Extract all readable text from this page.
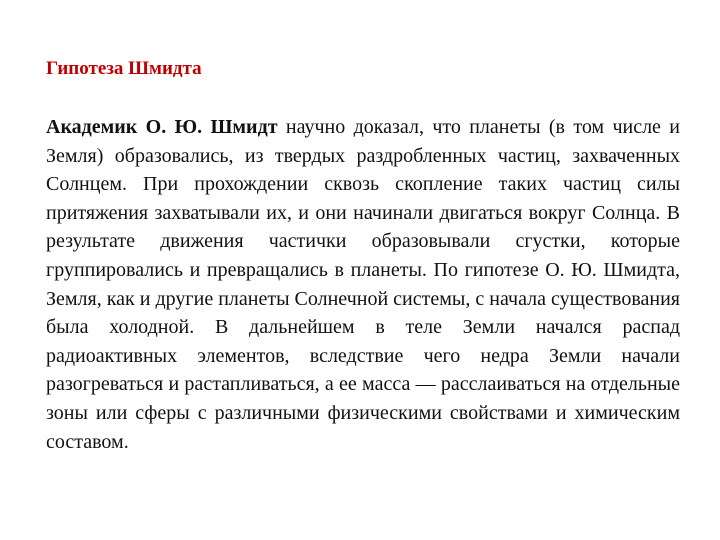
Гипотеза Шмидта

Академик О. Ю. Шмидт научно доказал, что планеты (в том числе и Земля) образовались, из твердых раздробленных частиц, захваченных Солнцем. При прохождении сквозь скопление таких частиц силы притяжения захватывали их, и они начинали двигаться вокруг Солнца. В результате движения частички образовывали сгустки, которые группировались и превращались в планеты. По гипотезе О. Ю. Шмидта, Земля, как и другие планеты Солнечной системы, с начала существования была холодной. В дальнейшем в теле Земли начался распад радиоактивных элементов, вследствие чего недра Земли начали разогреваться и растапливаться, а ее масса — расслаиваться на отдельные зоны или сферы с различными физическими свойствами и химическим составом.
